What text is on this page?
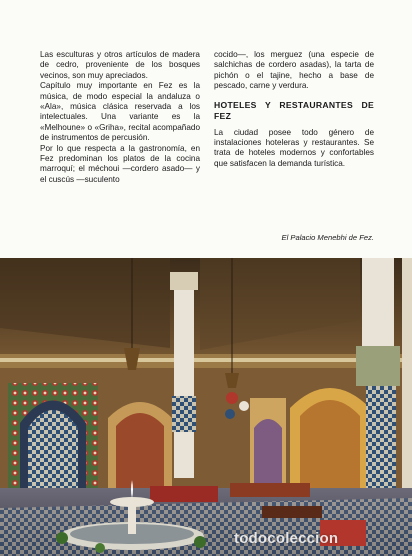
Las esculturas y otros artículos de madera de cedro, proveniente de los bosques vecinos, son muy apreciados.

Capítulo muy importante en Fez es la música, de modo especial la andaluza o «Ala», música clásica reservada a los intelectuales. Una variante es la «Melhoune» o «Griha», recital acompañado de instrumentos de percusión.

Por lo que respecta a la gastronomía, en Fez predominan los platos de la cocina marroquí; el méchoui —cordero asado— y el cuscús —suculento

cocido—, los merguez (una especie de salchichas de cordero asadas), la tarta de pichón o el tajine, hecho a base de pescado, carne y verdura.

HOTELES Y RESTAURANTES DE FEZ

La ciudad posee todo género de instalaciones hoteleras y restaurantes. Se trata de hoteles modernos y confortables que satisfacen la demanda turística.

El Palacio Menebhi de Fez.
todocoleccion
